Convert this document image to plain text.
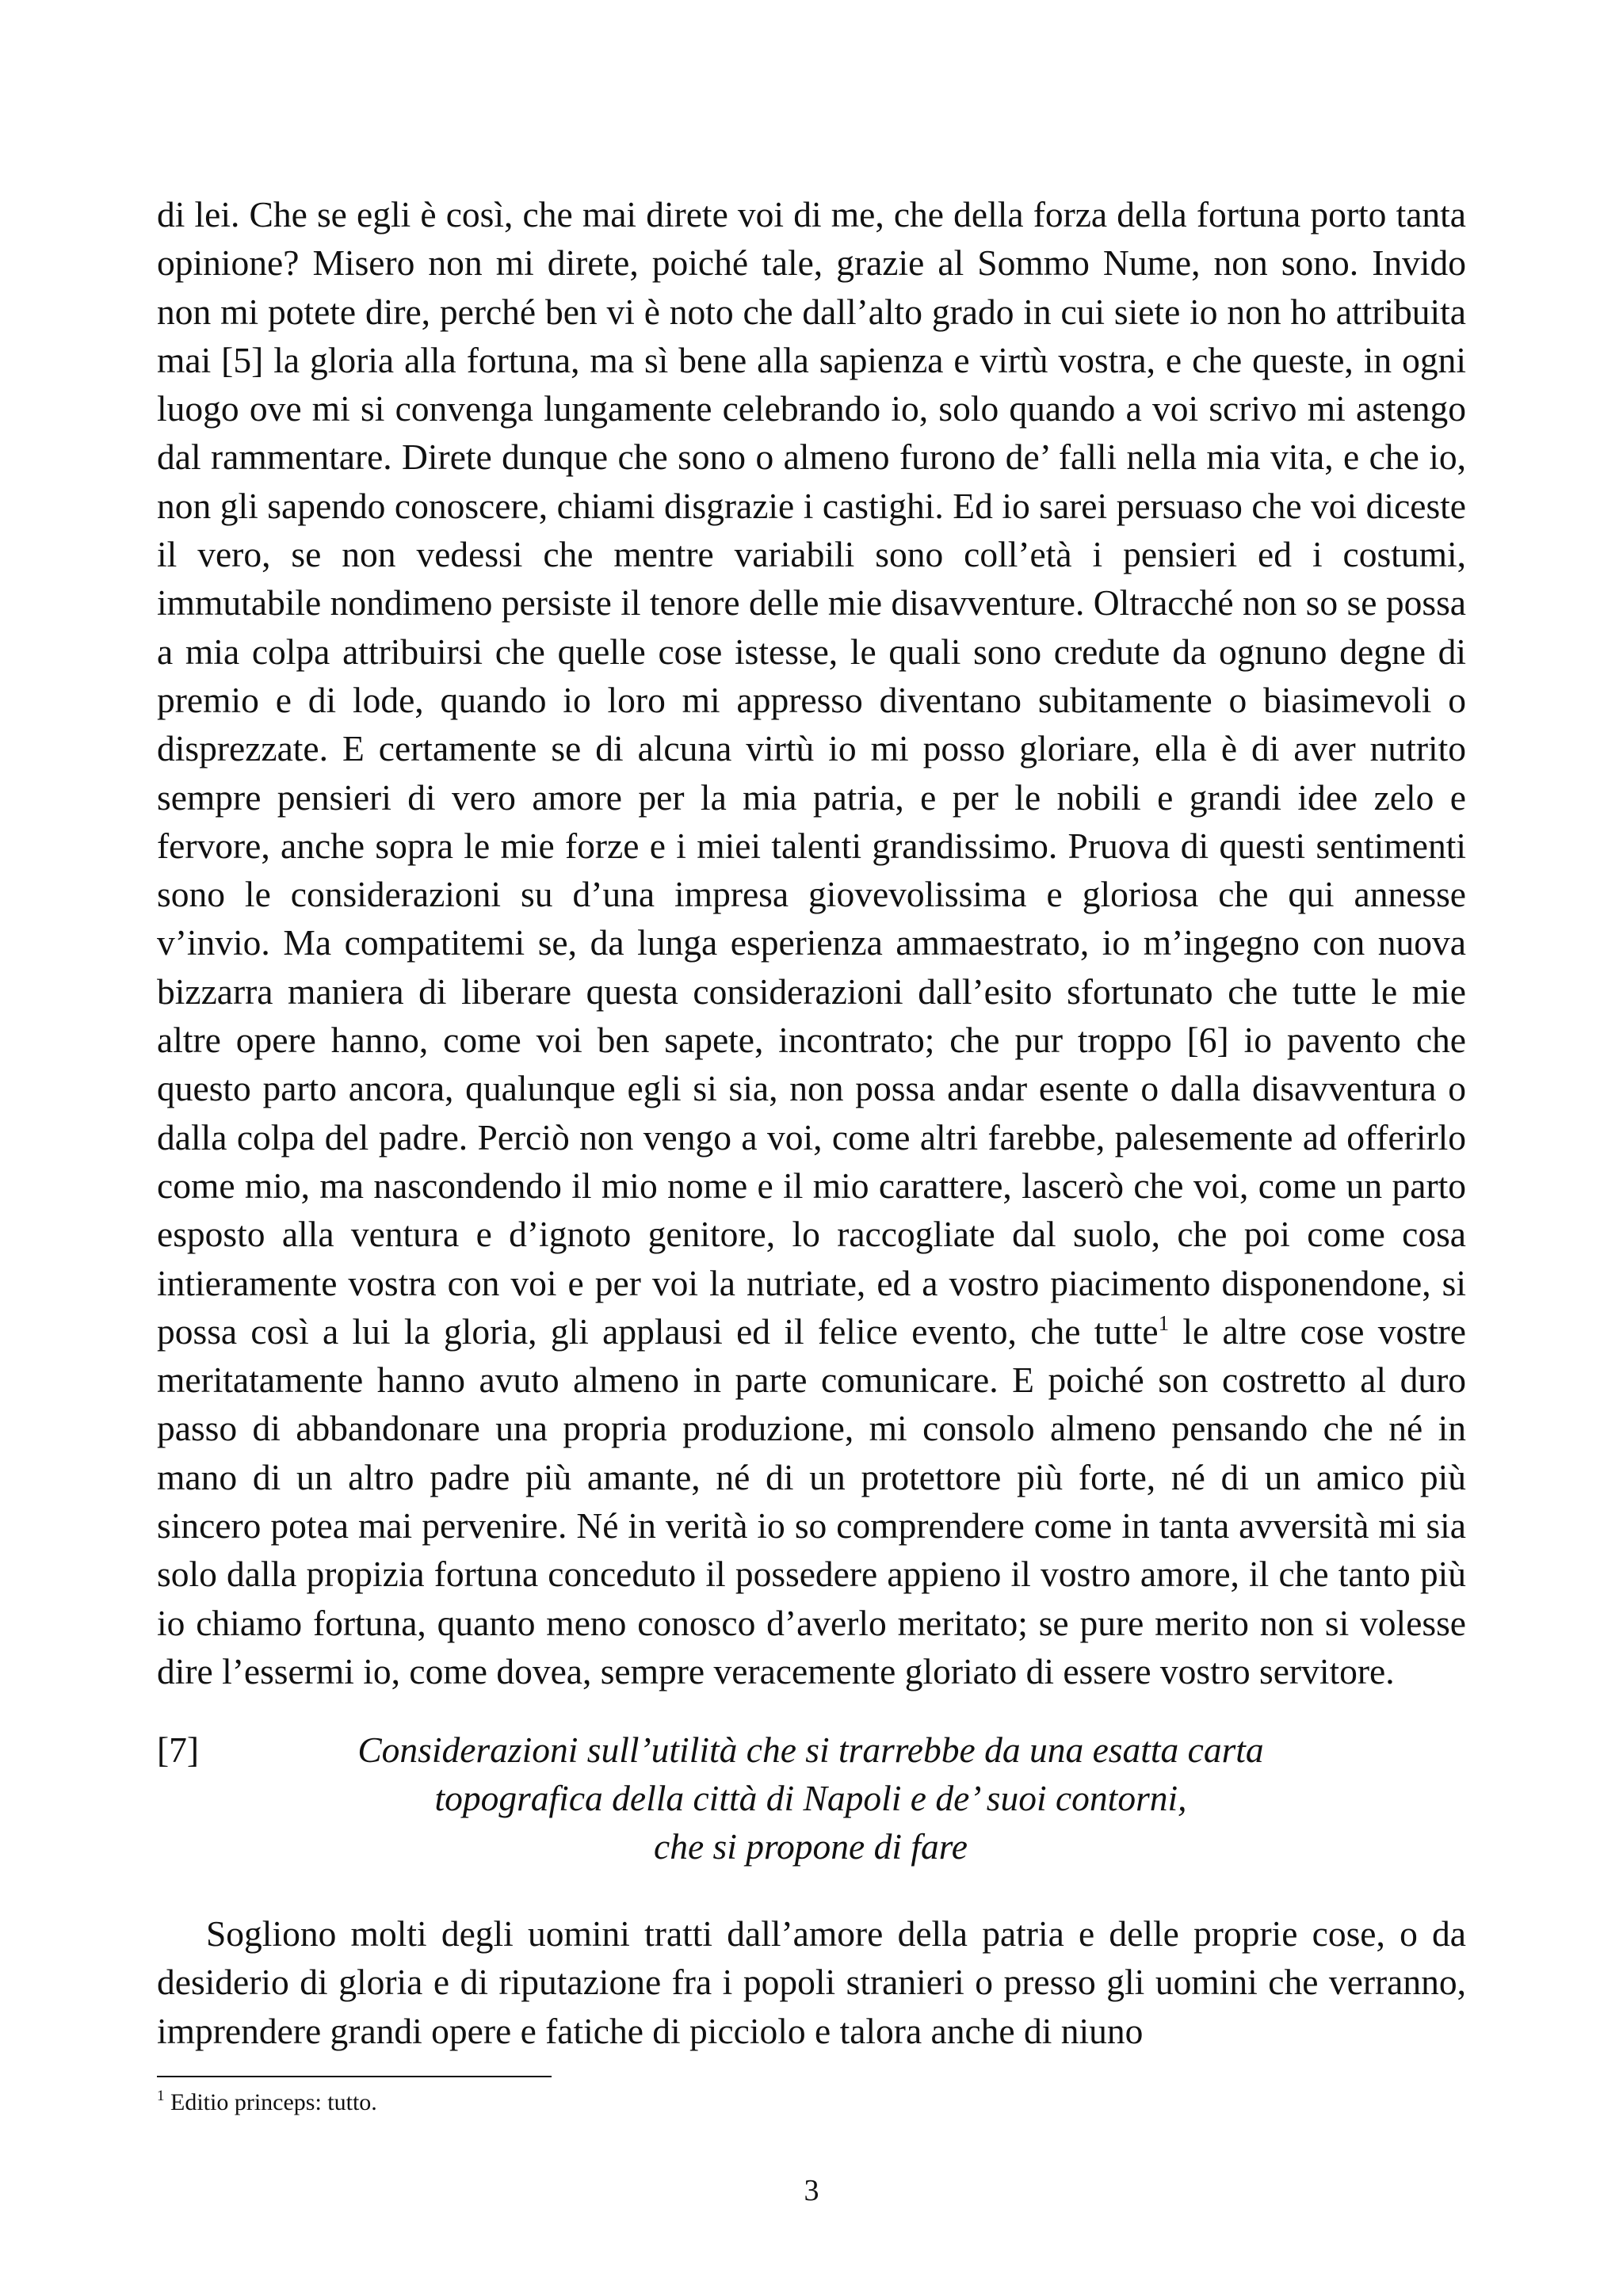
di lei. Che se egli è così, che mai direte voi di me, che della forza della fortuna porto tanta opinione? Misero non mi direte, poiché tale, grazie al Sommo Nume, non sono. Invido non mi potete dire, perché ben vi è noto che dall’alto grado in cui siete io non ho attribuita mai [5] la gloria alla fortuna, ma sì bene alla sapienza e virtù vostra, e che queste, in ogni luogo ove mi si convenga lungamente celebrando io, solo quando a voi scrivo mi astengo dal rammentare. Direte dunque che sono o almeno furono de’ falli nella mia vita, e che io, non gli sapendo conoscere, chiami disgrazie i castighi. Ed io sarei persuaso che voi diceste il vero, se non vedessi che mentre variabili sono coll’età i pensieri ed i costumi, immutabile nondimeno persiste il tenore delle mie disavventure. Oltracché non so se possa a mia colpa attribuirsi che quelle cose istesse, le quali sono credute da ognuno degne di premio e di lode, quando io loro mi appresso diventano subitamente o biasimevoli o disprezzate. E certamente se di alcuna virtù io mi posso gloriare, ella è di aver nutrito sempre pensieri di vero amore per la mia patria, e per le nobili e grandi idee zelo e fervore, anche sopra le mie forze e i miei talenti grandissimo. Pruova di questi sentimenti sono le considerazioni su d’una impresa giovevolissima e gloriosa che qui annesse v’invio. Ma compatitemi se, da lunga esperienza ammaestrato, io m’ingegno con nuova bizzarra maniera di liberare questa considerazioni dall’esito sfortunato che tutte le mie altre opere hanno, come voi ben sapete, incontrato; che pur troppo [6] io pavento che questo parto ancora, qualunque egli si sia, non possa andar esente o dalla disavventura o dalla colpa del padre. Perciò non vengo a voi, come altri farebbe, palesemente ad offerirlo come mio, ma nascondendo il mio nome e il mio carattere, lascerò che voi, come un parto esposto alla ventura e d’ignoto genitore, lo raccogliate dal suolo, che poi come cosa intieramente vostra con voi e per voi la nutriate, ed a vostro piacimento disponendone, si possa così a lui la gloria, gli applausi ed il felice evento, che tutte$^1$ le altre cose vostre meritatamente hanno avuto almeno in parte comunicare. E poiché son costretto al duro passo di abbandonare una propria produzione, mi consolo almeno pensando che né in mano di un altro padre più amante, né di un protettore più forte, né di un amico più sincero potea mai pervenire. Né in verità io so comprendere come in tanta avversità mi sia solo dalla propizia fortuna conceduto il possedere appieno il vostro amore, il che tanto più io chiamo fortuna, quanto meno conosco d’averlo meritato; se pure merito non si volesse dire l’essermi io, come dovea, sempre veracemente gloriato di essere vostro servitore.

[7]	Considerazioni sull’utilità che si trarrebbe da una esatta carta
topografica della città di Napoli e de’ suoi contorni,
che si propone di fare

Sogliono molti degli uomini tratti dall’amore della patria e delle proprie cose, o da desiderio di gloria e di riputazione fra i popoli stranieri o presso gli uomini che verranno, imprendere grandi opere e fatiche di picciolo e talora anche di niuno

$^1$ Editio princeps: tutto.
3
